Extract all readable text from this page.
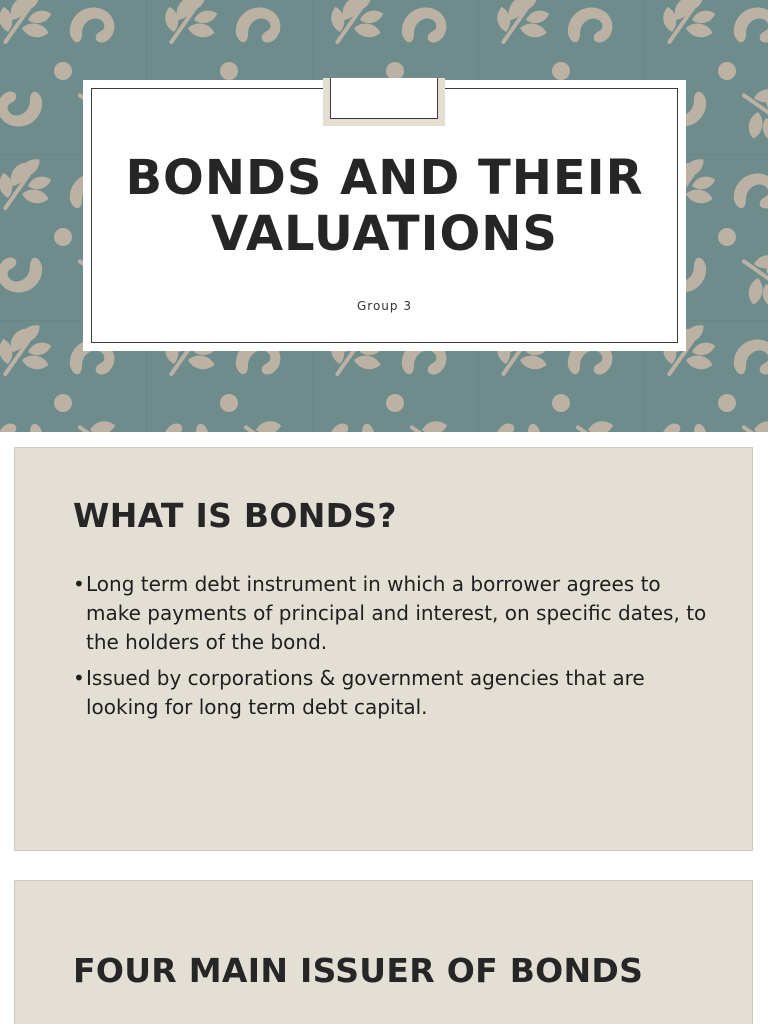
BONDS AND THEIR VALUATIONS
Group 3
WHAT IS BONDS?
• Long term debt instrument in which a borrower agrees to make payments of principal and interest, on specific dates, to the holders of the bond.
• Issued by corporations & government agencies that are looking for long term debt capital.
FOUR MAIN ISSUER OF BONDS
